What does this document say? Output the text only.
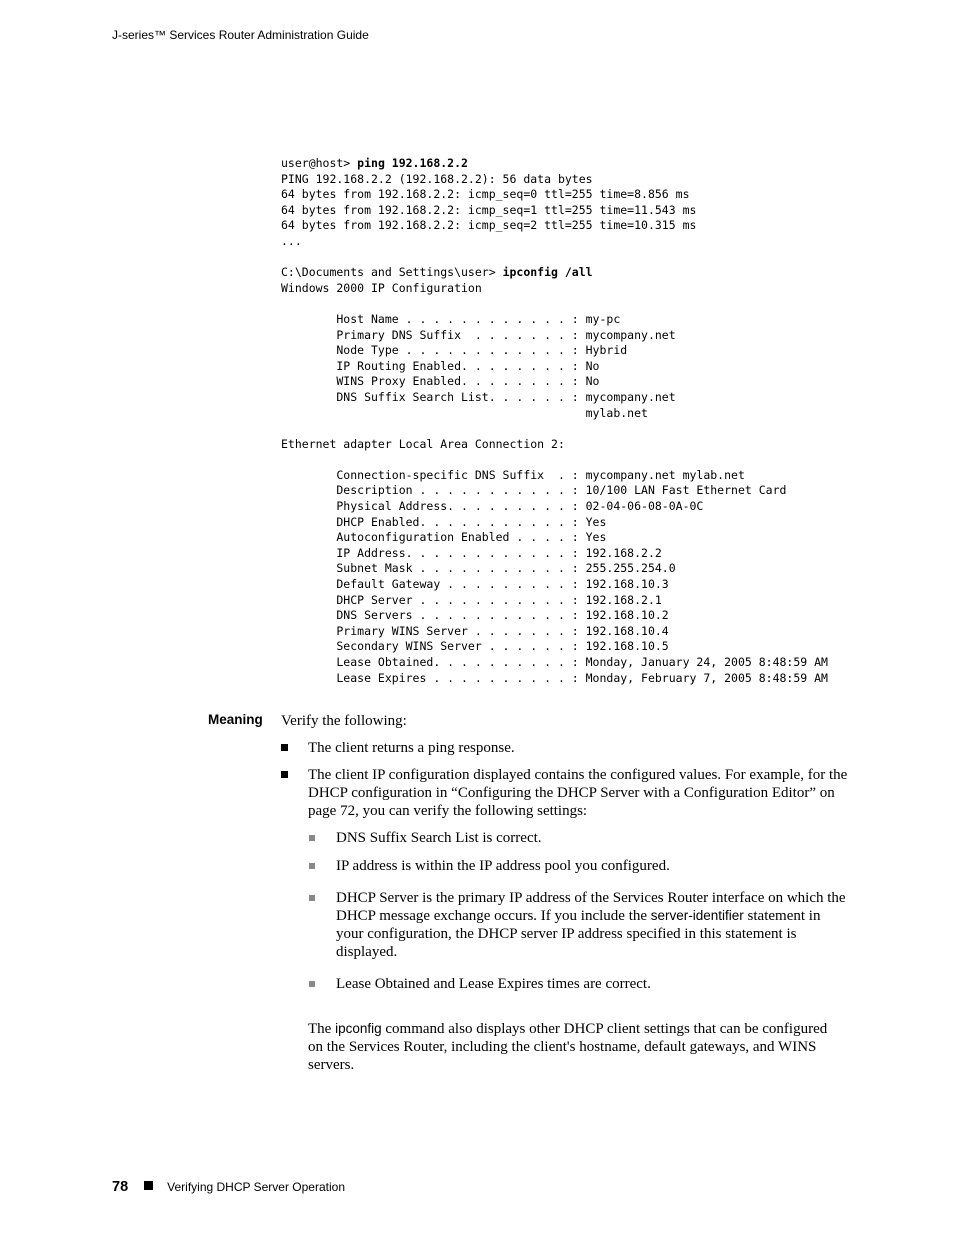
J-series™ Services Router Administration Guide
user@host> ping 192.168.2.2
PING 192.168.2.2 (192.168.2.2): 56 data bytes
64 bytes from 192.168.2.2: icmp_seq=0 ttl=255 time=8.856 ms
64 bytes from 192.168.2.2: icmp_seq=1 ttl=255 time=11.543 ms
64 bytes from 192.168.2.2: icmp_seq=2 ttl=255 time=10.315 ms
...

C:\Documents and Settings\user> ipconfig /all
Windows 2000 IP Configuration

Host Name . . . . . . . . . . . . : my-pc
Primary DNS Suffix  . . . . . . . : mycompany.net
Node Type . . . . . . . . . . . . : Hybrid
IP Routing Enabled. . . . . . . . : No
WINS Proxy Enabled. . . . . . . . : No
DNS Suffix Search List. . . . . . : mycompany.net
mylab.net

Ethernet adapter Local Area Connection 2:

Connection-specific DNS Suffix  . : mycompany.net mylab.net
Description . . . . . . . . . . . : 10/100 LAN Fast Ethernet Card
Physical Address. . . . . . . . . : 02-04-06-08-0A-0C
DHCP Enabled. . . . . . . . . . . : Yes
Autoconfiguration Enabled . . . . : Yes
IP Address. . . . . . . . . . . . : 192.168.2.2
Subnet Mask . . . . . . . . . . . : 255.255.254.0
Default Gateway . . . . . . . . . : 192.168.10.3
DHCP Server . . . . . . . . . . . : 192.168.2.1
DNS Servers . . . . . . . . . . . : 192.168.10.2
Primary WINS Server . . . . . . . : 192.168.10.4
Secondary WINS Server . . . . . . : 192.168.10.5
Lease Obtained. . . . . . . . . . : Monday, January 24, 2005 8:48:59 AM
Lease Expires . . . . . . . . . . : Monday, February 7, 2005 8:48:59 AM
Meaning Verify the following:
The client returns a ping response.
The client IP configuration displayed contains the configured values. For example, for the DHCP configuration in “Configuring the DHCP Server with a Configuration Editor” on page 72, you can verify the following settings:
DNS Suffix Search List is correct.
IP address is within the IP address pool you configured.
DHCP Server is the primary IP address of the Services Router interface on which the DHCP message exchange occurs. If you include the server-identifier statement in your configuration, the DHCP server IP address specified in this statement is displayed.
Lease Obtained and Lease Expires times are correct.
The ipconfig command also displays other DHCP client settings that can be configured on the Services Router, including the client's hostname, default gateways, and WINS servers.
78	Verifying DHCP Server Operation
